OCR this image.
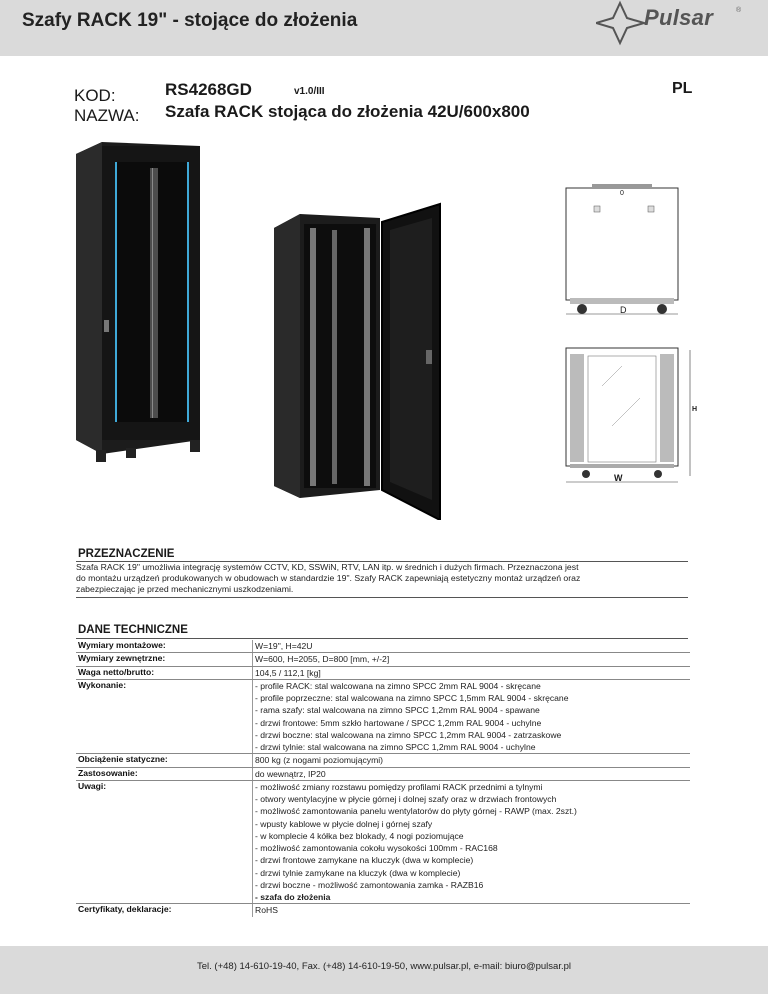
Szafy RACK 19" - stojące do złożenia	Pulsar	®
KOD:
NAZWA:
RS4268GD	v1.0/III
Szafa RACK stojąca do złożenia 42U/600x800
PL
0
D
H
W
PRZEZNACZENIE
Szafa RACK 19" umożliwia integrację systemów CCTV, KD, SSWiN, RTV, LAN itp. w średnich i dużych firmach. Przeznaczona jest
do montażu urządzeń produkowanych w obudowach w standardzie 19". Szafy RACK zapewniają estetyczny montaż urządzeń oraz
zabezpieczając je przed mechanicznymi uszkodzeniami.
DANE TECHNICZNE
Wymiary montażowe:	W=19", H=42U
Wymiary zewnętrzne:	W=600, H=2055, D=800 [mm, +/-2]
Waga netto/brutto:	104,5 / 112,1 [kg]
Wykonanie:	- profile RACK: stal walcowana na zimno SPCC 2mm RAL 9004 - skręcane
- profile poprzeczne: stal walcowana na zimno SPCC 1,5mm RAL 9004 - skręcane
- rama szafy: stal walcowana na zimno SPCC 1,2mm RAL 9004 - spawane
- drzwi frontowe: 5mm szkło hartowane / SPCC 1,2mm RAL 9004 - uchylne
- drzwi boczne: stal walcowana na zimno SPCC 1,2mm RAL 9004 - zatrzaskowe
- drzwi tylnie: stal walcowana na zimno SPCC 1,2mm RAL 9004 - uchylne
Obciążenie statyczne:	800 kg (z nogami poziomującymi)
Zastosowanie:	do wewnątrz, IP20
Uwagi:	- możliwość zmiany rozstawu pomiędzy profilami RACK przednimi a tylnymi
- otwory wentylacyjne w płycie górnej i dolnej szafy oraz w drzwiach frontowych
- możliwość zamontowania panelu wentylatorów do płyty górnej - RAWP (max. 2szt.)
- wpusty kablowe w płycie dolnej i górnej szafy
- w komplecie 4 kółka bez blokady, 4 nogi poziomujące
- możliwość zamontowania cokołu wysokości 100mm - RAC168
- drzwi frontowe zamykane na kluczyk (dwa w komplecie)
- drzwi tylnie zamykane na kluczyk (dwa w komplecie)
- drzwi boczne - możliwość zamontowania zamka - RAZB16
- szafa do złożenia
Certyfikaty, deklaracje:	RoHS
Tel. (+48) 14-610-19-40, Fax. (+48) 14-610-19-50, www.pulsar.pl, e-mail: biuro@pulsar.pl
